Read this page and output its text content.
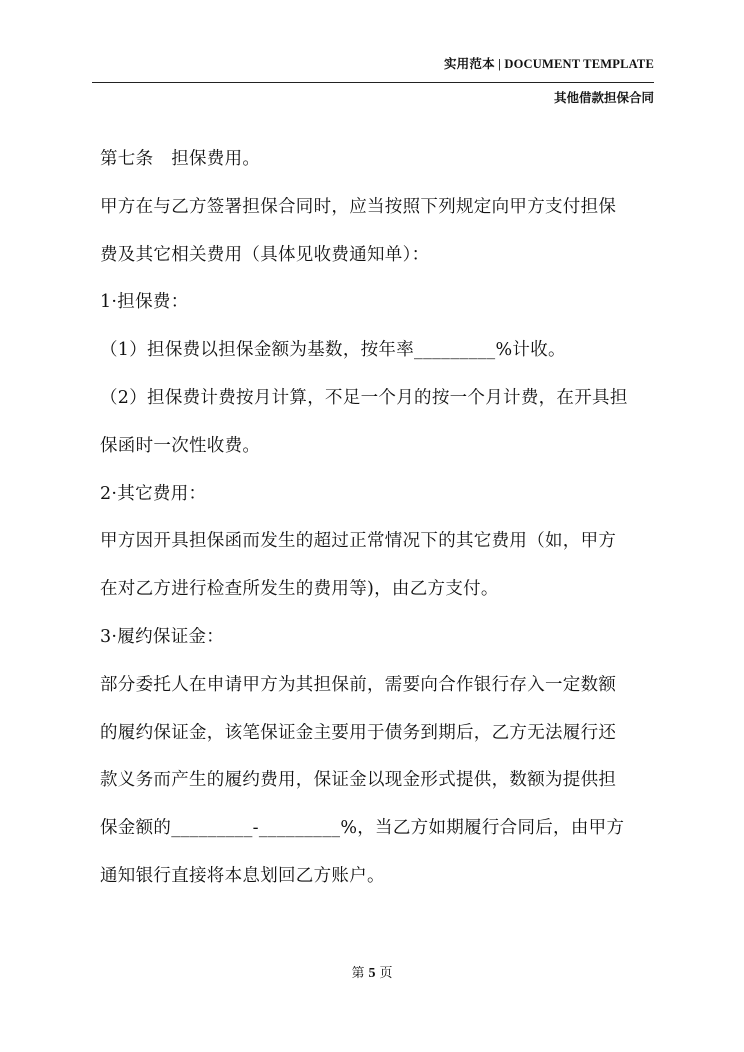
实用范本 | DOCUMENT TEMPLATE
其他借款担保合同
第七条　担保费用。
甲方在与乙方签署担保合同时，应当按照下列规定向甲方支付担保
费及其它相关费用（具体见收费通知单）：
1·担保费：
（1）担保费以担保金额为基数，按年率_________%计收。
（2）担保费计费按月计算，不足一个月的按一个月计费，在开具担
保函时一次性收费。
2·其它费用：
甲方因开具担保函而发生的超过正常情况下的其它费用（如，甲方
在对乙方进行检查所发生的费用等)，由乙方支付。
3·履约保证金：
部分委托人在申请甲方为其担保前，需要向合作银行存入一定数额
的履约保证金，该笔保证金主要用于债务到期后，乙方无法履行还
款义务而产生的履约费用，保证金以现金形式提供，数额为提供担
保金额的_________-_________%，当乙方如期履行合同后，由甲方
通知银行直接将本息划回乙方账户。
第 5 页
